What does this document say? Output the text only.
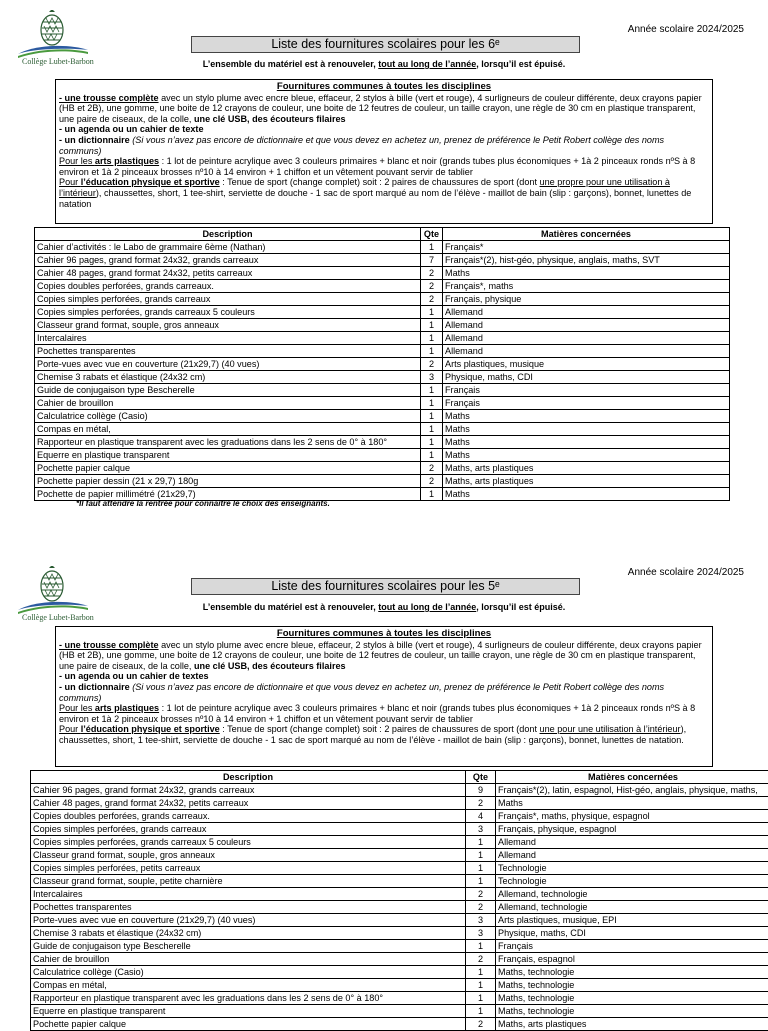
Collège Lubet-Barbon
Année scolaire 2024/2025
Liste des fournitures scolaires pour les 6ᵉ
L’ensemble du matériel est à renouveler, tout au long de l’année, lorsqu’il est épuisé.
Fournitures communes à toutes les disciplines

- une trousse complète avec un stylo plume avec encre bleue, effaceur, 2 stylos à bille (vert et rouge), 4 surligneurs de couleur différente, deux crayons papier (HB et 2B), une gomme, une boite de 12 crayons de couleur, une boite de 12 feutres de couleur, un taille crayon, une règle de 30 cm en plastique transparent, une paire de ciseaux, de la colle, une clé USB, des écouteurs filaires

- un agenda ou un cahier de texte

- un dictionnaire (Si vous n’avez pas encore de dictionnaire et que vous devez en achetez un, prenez de préférence le Petit Robert collège des noms communs)

Pour les arts plastiques : 1 lot de peinture acrylique avec 3 couleurs primaires + blanc et noir (grands tubes plus économiques + 1à 2 pinceaux ronds nºS à 8 environ et 1à 2 pinceaux brosses nº10 à 14 environ + 1 chiffon et un vêtement pouvant servir de tablier

Pour l’éducation physique et sportive : Tenue de sport (change complet) soit : 2 paires de chaussures de sport (dont une propre pour une utilisation à l’intérieur), chaussettes, short, 1 tee-shirt, serviette de douche - 1 sac de sport marqué au nom de l’élève - maillot de bain (slip : garçons), bonnet, lunettes de natation

Description	Qte	Matières concernées
Cahier d’activités : le Labo de grammaire 6ème (Nathan)	1	Français*
Cahier 96 pages, grand format 24x32, grands carreaux	7	Français*(2), hist-géo, physique, anglais, maths, SVT
Cahier 48 pages, grand format 24x32, petits carreaux	2	Maths
Copies doubles perforées, grands carreaux.	2	Français*, maths
Copies simples perforées, grands carreaux	2	Français, physique
Copies simples perforées, grands carreaux 5 couleurs	1	Allemand
Classeur grand format, souple, gros anneaux	1	Allemand
Intercalaires	1	Allemand
Pochettes transparentes	1	Allemand
Porte-vues avec vue en couverture (21x29,7) (40 vues)	2	Arts plastiques, musique
Chemise 3 rabats et élastique (24x32 cm)	3	Physique, maths, CDI
Guide de conjugaison type Bescherelle	1	Français
Cahier de brouillon	1	Français
Calculatrice collège (Casio)	1	Maths
Compas en métal,	1	Maths
Rapporteur en plastique transparent avec les graduations dans les 2 sens de 0° à 180°	1	Maths
Equerre en plastique transparent	1	Maths
Pochette papier calque	2	Maths, arts plastiques
Pochette papier dessin (21 x 29,7) 180g	2	Maths, arts plastiques
Pochette de papier millimétré (21x29,7)	1	Maths
*Il faut attendre la rentrée pour connaître le choix des enseignants.
Collège Lubet-Barbon
Année scolaire 2024/2025
Liste des fournitures scolaires pour les 5ᵉ
L’ensemble du matériel est à renouveler, tout au long de l’année, lorsqu’il est épuisé.
Fournitures communes à toutes les disciplines

- une trousse complète avec un stylo plume avec encre bleue, effaceur, 2 stylos à bille (vert et rouge), 4 surligneurs de couleur différente, deux crayons papier (HB et 2B), une gomme, une boite de 12 crayons de couleur, une boite de 12 feutres de couleur, un taille crayon, une règle de 30 cm en plastique transparent, une paire de ciseaux, de la colle, une clé USB, des écouteurs filaires

- un agenda ou un cahier de textes

- un dictionnaire (Si vous n’avez pas encore de dictionnaire et que vous devez en achetez un, prenez de préférence le Petit Robert collège des noms communs)

Pour les arts plastiques : 1 lot de peinture acrylique avec 3 couleurs primaires + blanc et noir (grands tubes plus économiques + 1à 2 pinceaux ronds nºS à 8 environ et 1à 2 pinceaux brosses nº10 à 14 environ + 1 chiffon et un vêtement pouvant servir de tablier

Pour l’éducation physique et sportive : Tenue de sport (change complet) soit : 2 paires de chaussures de sport (dont une pour une utilisation à l’intérieur), chaussettes, short, 1 tee-shirt, serviette de douche - 1 sac de sport marqué au nom de l’élève - maillot de bain (slip : garçons), bonnet, lunettes de natation.

Description	Qte	Matières concernées
Cahier 96 pages, grand format 24x32, grands carreaux	9	Français*(2), latin, espagnol, Hist-géo, anglais, physique, maths,
Cahier 48 pages, grand format 24x32, petits carreaux	2	Maths
Copies doubles perforées, grands carreaux.	4	Français*, maths, physique, espagnol
Copies simples perforées, grands carreaux	3	Français, physique, espagnol
Copies simples perforées, grands carreaux 5 couleurs	1	Allemand
Classeur grand format, souple, gros anneaux	1	Allemand
Copies simples perforées, petits carreaux	1	Technologie
Classeur grand format, souple, petite charnière	1	Technologie
Intercalaires	2	Allemand, technologie
Pochettes transparentes	2	Allemand, technologie
Porte-vues avec vue en couverture (21x29,7) (40 vues)	3	Arts plastiques, musique, EPI
Chemise 3 rabats et élastique (24x32 cm)	3	Physique, maths, CDI
Guide de conjugaison type Bescherelle	1	Français
Cahier de brouillon	2	Français, espagnol
Calculatrice collège (Casio)	1	Maths, technologie
Compas en métal,	1	Maths, technologie
Rapporteur en plastique transparent avec les graduations dans les 2 sens de 0° à 180°	1	Maths, technologie
Equerre en plastique transparent	1	Maths, technologie
Pochette papier calque	2	Maths, arts plastiques
